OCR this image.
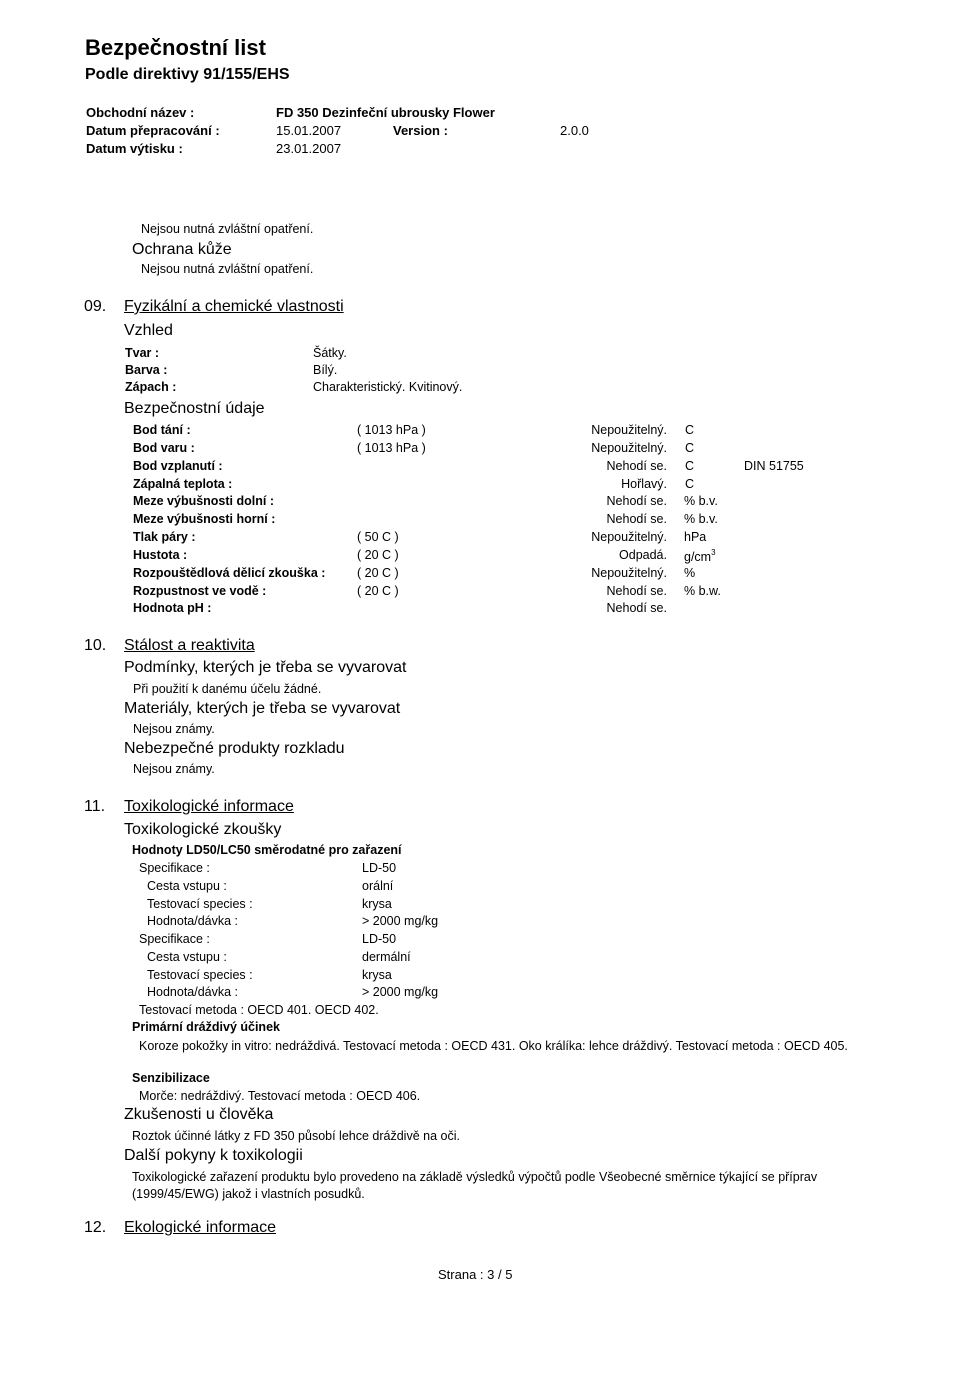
Bezpečnostní list
Podle direktivy 91/155/EHS
Obchodní název :	FD 350 Dezinfeční ubrousky Flower
Datum přepracování :	15.01.2007	Version :	2.0.0
Datum výtisku :	23.01.2007
Nejsou nutná zvláštní opatření.
Ochrana kůže
Nejsou nutná zvláštní opatření.
09. Fyzikální a chemické vlastnosti
Vzhled
Tvar :	Šátky.
Barva :	Bílý.
Zápach :	Charakteristický. Kvitinový.
Bezpečnostní údaje
Bod tání :	( 1013 hPa )	Nepoužitelný. C
Bod varu :	( 1013 hPa )	Nepoužitelný. C
Bod vzplanutí :	Nehodí se. C	DIN 51755
Zápalná teplota :	Hořlavý. C
Meze výbušnosti dolní :	Nehodí se. % b.v.
Meze výbušnosti horní :	Nehodí se. % b.v.
Tlak páry :	( 50 C )	Nepoužitelný. hPa
Hustota :	( 20 C )	Odpadá. $g/cm^3$
Rozpouštědlová dělicí zkouška :	( 20 C )	Nepoužitelný. %
Rozpustnost ve vodě :	( 20 C )	Nehodí se. % b.w.
Hodnota pH :	Nehodí se.
10. Stálost a reaktivita
Podmínky, kterých je třeba se vyvarovat
Při použití k danému účelu žádné.
Materiály, kterých je třeba se vyvarovat
Nejsou známy.
Nebezpečné produkty rozkladu
Nejsou známy.
11. Toxikologické informace
Toxikologické zkoušky
Hodnoty LD50/LC50 směrodatné pro zařazení
Specifikace :	LD-50
Cesta vstupu :	orální
Testovací species :	krysa
Hodnota/dávka :	> 2000 mg/kg
Specifikace :	LD-50
Cesta vstupu :	dermální
Testovací species :	krysa
Hodnota/dávka :	> 2000 mg/kg
Testovací metoda : OECD 401. OECD 402.
Primární dráždivý účinek
Koroze pokožky in vitro: nedráždivá. Testovací metoda : OECD 431. Oko králíka: lehce dráždivý. Testovací metoda : OECD 405.
Senzibilizace
Morče: nedráždivý. Testovací metoda : OECD 406.
Zkušenosti u člověka
Roztok účinné látky z FD 350 působí lehce dráždivě na oči.
Další pokyny k toxikologii
Toxikologické zařazení produktu bylo provedeno na základě výsledků výpočtů podle Všeobecné směrnice týkající se příprav (1999/45/EWG) jakož i vlastních posudků.
12. Ekologické informace
Strana : 3 / 5
